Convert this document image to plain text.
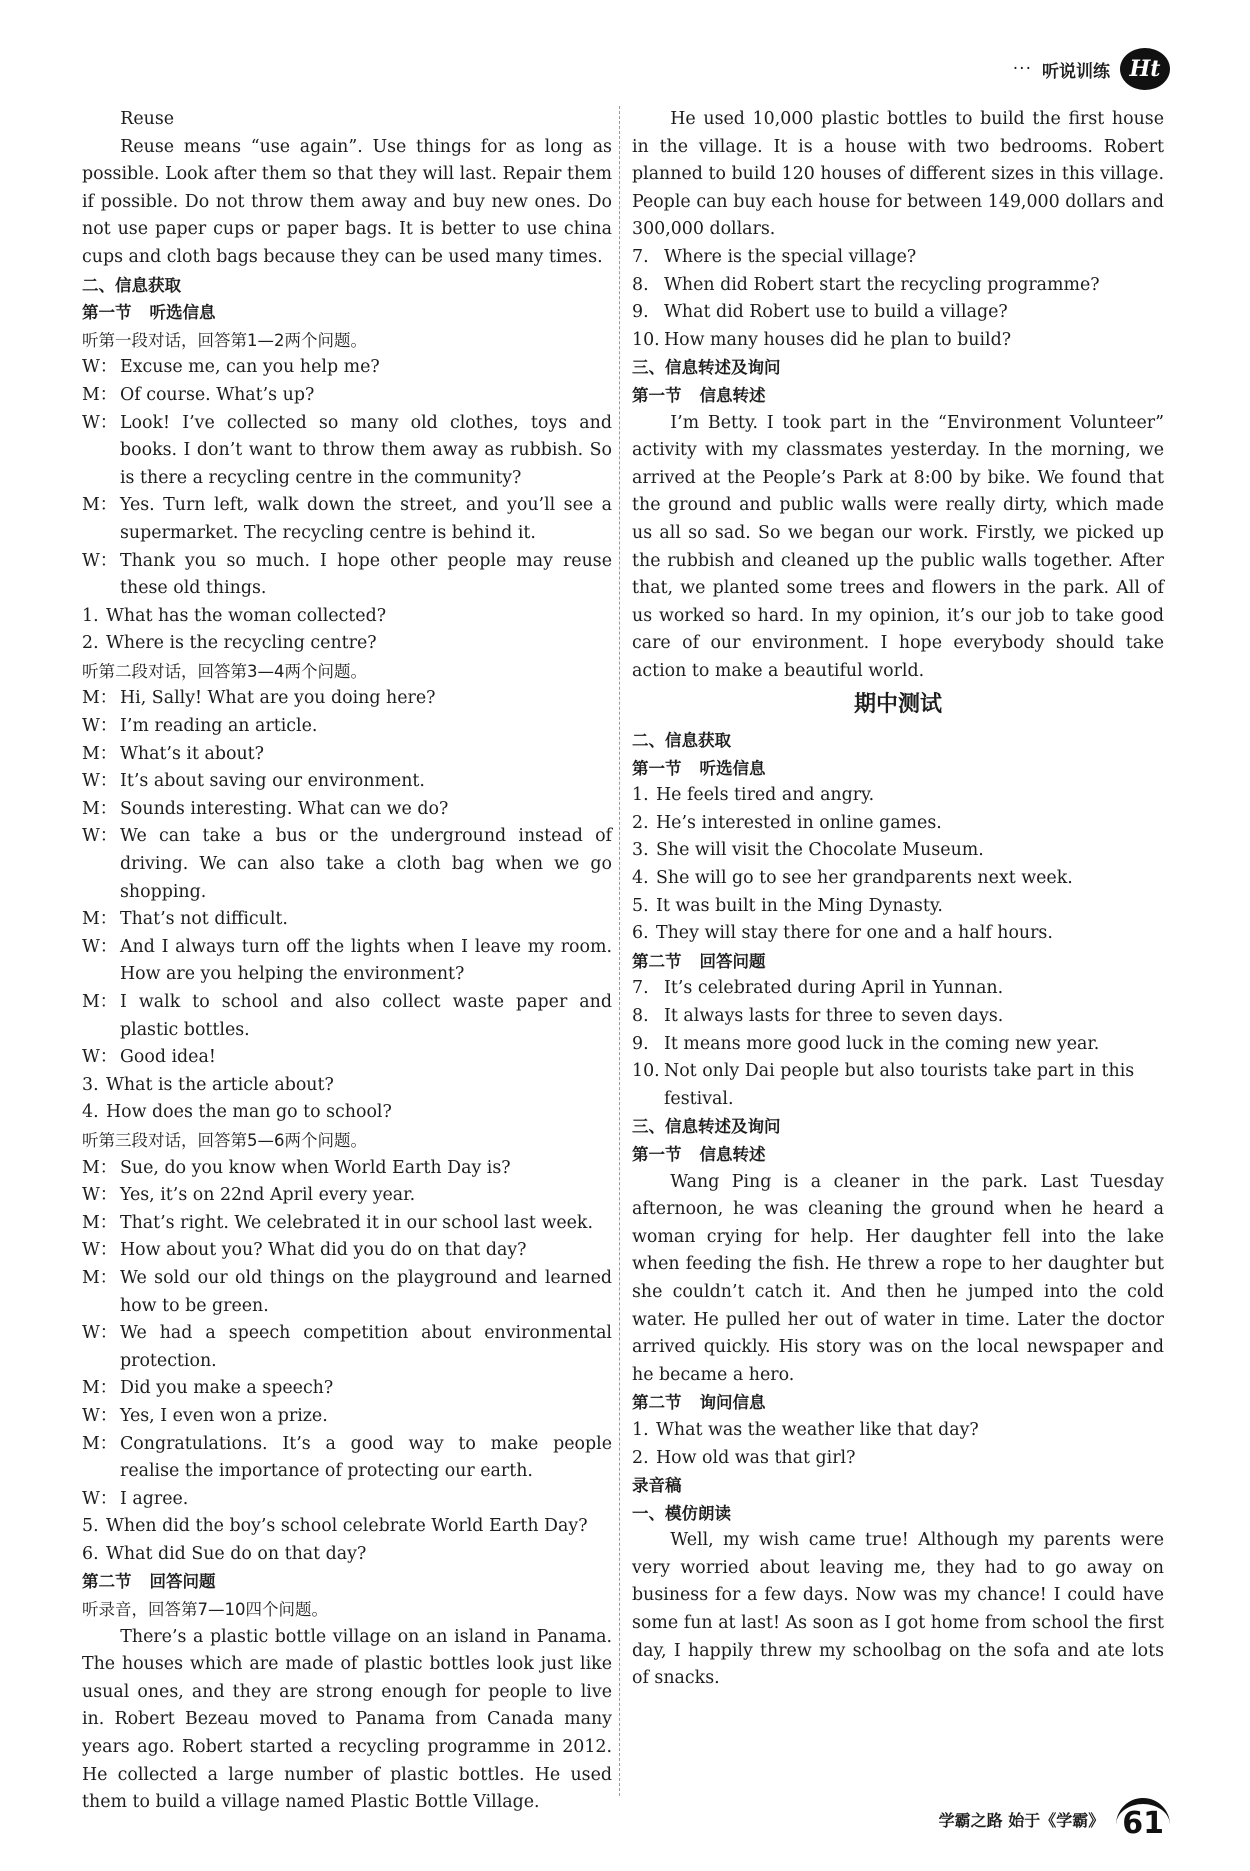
··· 听说训练 Ht

Reuse

Reuse means “use again”. Use things for as long as possible. Look after them so that they will last. Repair them if possible. Do not throw them away and buy new ones. Do not use paper cups or paper bags. It is better to use china cups and cloth bags because they can be used many times.

二、信息获取

第一节 听选信息

听第一段对话，回答第1—2两个问题。

W： Excuse me, can you help me?
M： Of course. What’s up?
W： Look! I’ve collected so many old clothes, toys and books. I don’t want to throw them away as rubbish. So is there a recycling centre in the community?
M： Yes. Turn left, walk down the street, and you’ll see a supermarket. The recycling centre is behind it.
W： Thank you so much. I hope other people may reuse these old things.
1. What has the woman collected?
2. Where is the recycling centre?

听第二段对话，回答第3—4两个问题。

M： Hi, Sally! What are you doing here?
W： I’m reading an article.
M： What’s it about?
W： It’s about saving our environment.
M： Sounds interesting. What can we do?
W： We can take a bus or the underground instead of driving. We can also take a cloth bag when we go shopping.
M： That’s not difficult.
W： And I always turn off the lights when I leave my room. How are you helping the environment?
M： I walk to school and also collect waste paper and plastic bottles.
W： Good idea!
3. What is the article about?
4. How does the man go to school?

听第三段对话，回答第5—6两个问题。

M： Sue, do you know when World Earth Day is?
W： Yes, it’s on 22nd April every year.
M： That’s right. We celebrated it in our school last week.
W： How about you? What did you do on that day?
M： We sold our old things on the playground and learned how to be green.
W： We had a speech competition about environmental protection.
M： Did you make a speech?
W： Yes, I even won a prize.
M： Congratulations. It’s a good way to make people realise the importance of protecting our earth.
W： I agree.
5. When did the boy’s school celebrate World Earth Day?
6. What did Sue do on that day?

第二节 回答问题

听录音，回答第7—10四个问题。

There’s a plastic bottle village on an island in Panama. The houses which are made of plastic bottles look just like usual ones, and they are strong enough for people to live in. Robert Bezeau moved to Panama from Canada many years ago. Robert started a recycling programme in 2012. He collected a large number of plastic bottles. He used them to build a village named Plastic Bottle Village.

He used 10,000 plastic bottles to build the first house in the village. It is a house with two bedrooms. Robert planned to build 120 houses of different sizes in this village. People can buy each house for between 149,000 dollars and 300,000 dollars.

7. Where is the special village?
8. When did Robert start the recycling programme?
9. What did Robert use to build a village?
10. How many houses did he plan to build?

三、信息转述及询问

第一节 信息转述

I’m Betty. I took part in the “Environment Volunteer” activity with my classmates yesterday. In the morning, we arrived at the People’s Park at 8:00 by bike. We found that the ground and public walls were really dirty, which made us all so sad. So we began our work. Firstly, we picked up the rubbish and cleaned up the public walls together. After that, we planted some trees and flowers in the park. All of us worked so hard. In my opinion, it’s our job to take good care of our environment. I hope everybody should take action to make a beautiful world.

期中测试

二、信息获取

第一节 听选信息

1. He feels tired and angry.
2. He’s interested in online games.
3. She will visit the Chocolate Museum.
4. She will go to see her grandparents next week.
5. It was built in the Ming Dynasty.
6. They will stay there for one and a half hours.

第二节 回答问题

7. It’s celebrated during April in Yunnan.
8. It always lasts for three to seven days.
9. It means more good luck in the coming new year.
10. Not only Dai people but also tourists take part in this festival.

三、信息转述及询问

第一节 信息转述

Wang Ping is a cleaner in the park. Last Tuesday afternoon, he was cleaning the ground when he heard a woman crying for help. Her daughter fell into the lake when feeding the fish. He threw a rope to her daughter but she couldn’t catch it. And then he jumped into the cold water. He pulled her out of water in time. Later the doctor arrived quickly. His story was on the local newspaper and he became a hero.

第二节 询问信息

1. What was the weather like that day?
2. How old was that girl?

录音稿

一、模仿朗读

Well, my wish came true! Although my parents were very worried about leaving me, they had to go away on business for a few days. Now was my chance! I could have some fun at last! As soon as I got home from school the first day, I happily threw my schoolbag on the sofa and ate lots of snacks.

学霸之路 始于《学霸》 61
